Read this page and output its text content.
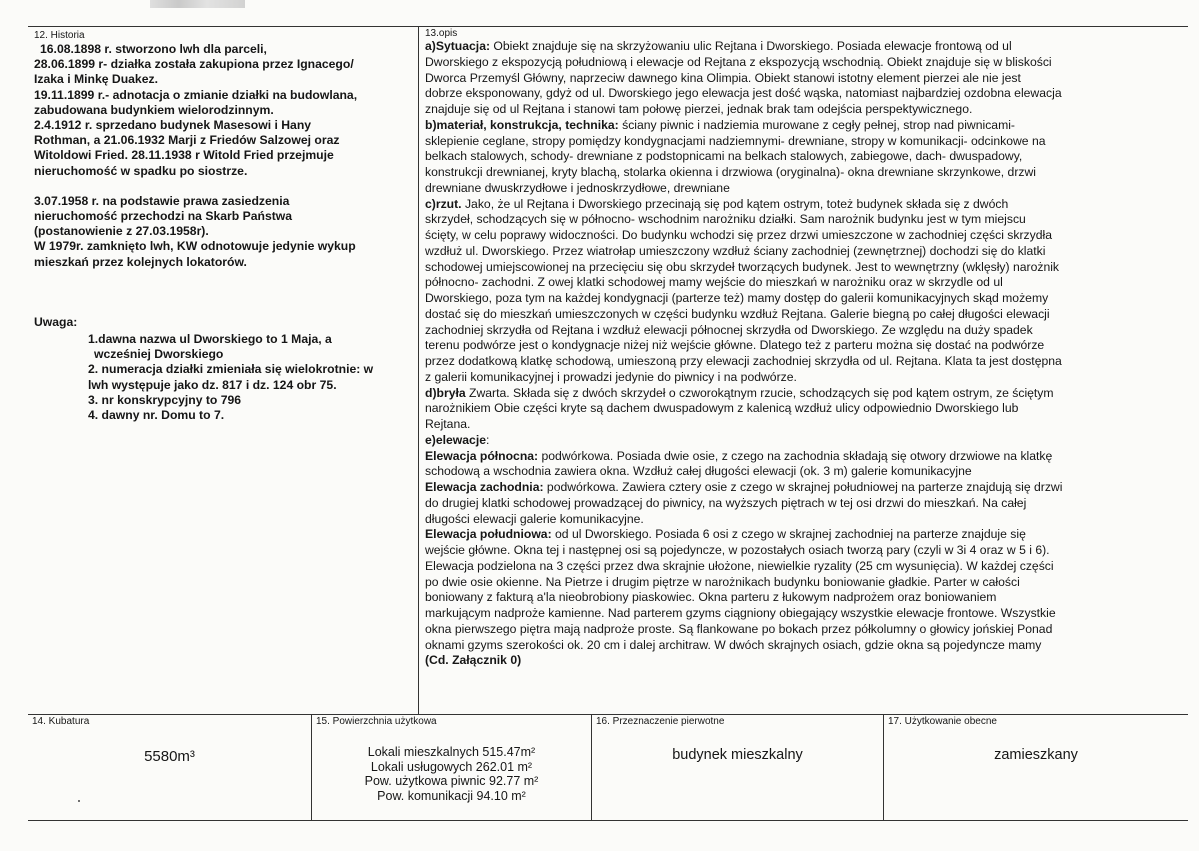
12. Historia

16.08.1898 r. stworzono lwh dla parceli,

28.06.1899 r- działka została zakupiona przez Ignacego/

Izaka i Minkę Duakez.

19.11.1899 r.- adnotacja o zmianie działki na budowlana,

zabudowana budynkiem wielorodzinnym.

2.4.1912 r. sprzedano budynek Masesowi i Hany

Rothman, a 21.06.1932 Marji z Friedów Salzowej oraz

Witoldowi Fried. 28.11.1938 r Witold Fried przejmuje

nieruchomość w spadku po siostrze.

3.07.1958 r. na podstawie prawa zasiedzenia

nieruchomość przechodzi na Skarb Państwa

(postanowienie z 27.03.1958r).

W 1979r. zamknięto lwh, KW odnotowuje jedynie wykup

mieszkań przez kolejnych lokatorów.

Uwaga:

1.dawna nazwa ul Dworskiego to 1 Maja, a

wcześniej Dworskiego

2. numeracja działki zmieniała się wielokrotnie: w

lwh występuje jako dz. 817 i dz. 124 obr 75.

3. nr konskrypcyjny to 796

4. dawny nr. Domu to 7.

13.opis

a)Sytuacja: Obiekt znajduje się na skrzyżowaniu ulic Rejtana i Dworskiego. Posiada elewacje frontową od ul

Dworskiego z ekspozycją południową i elewacje od Rejtana z ekspozycją wschodnią. Obiekt znajduje się w bliskości

Dworca Przemyśl Główny, naprzeciw dawnego kina Olimpia. Obiekt stanowi istotny element pierzei ale nie jest

dobrze eksponowany, gdyż od ul. Dworskiego jego elewacja jest dość wąska, natomiast najbardziej ozdobna elewacja

znajduje się od ul Rejtana i stanowi tam połowę pierzei, jednak brak tam odejścia perspektywicznego.

b)materiał, konstrukcja, technika: ściany piwnic i nadziemia murowane z cegły pełnej, strop nad piwnicami-

sklepienie ceglane, stropy pomiędzy kondygnacjami nadziemnymi- drewniane, stropy w komunikacji- odcinkowe na

belkach stalowych, schody- drewniane z podstopnicami na belkach stalowych, zabiegowe, dach- dwuspadowy,

konstrukcji drewnianej, kryty blachą, stolarka okienna i drzwiowa (oryginalna)- okna drewniane skrzynkowe, drzwi

drewniane dwuskrzydłowe i jednoskrzydłowe, drewniane

c)rzut. Jako, że ul Rejtana i Dworskiego przecinają się pod kątem ostrym, toteż budynek składa się z dwóch

skrzydeł, schodzących się w północno- wschodnim narożniku działki. Sam narożnik budynku jest w tym miejscu

ścięty, w celu poprawy widoczności. Do budynku wchodzi się przez drzwi umieszczone w zachodniej części skrzydła

wzdłuż ul. Dworskiego. Przez wiatrołap umieszczony wzdłuż ściany zachodniej (zewnętrznej) dochodzi się do klatki

schodowej umiejscowionej na przecięciu się obu skrzydeł tworzących budynek. Jest to wewnętrzny (wklęsły) narożnik

północno- zachodni. Z owej klatki schodowej mamy wejście do mieszkań w narożniku oraz w skrzydle od ul

Dworskiego, poza tym na każdej kondygnacji (parterze też) mamy dostęp do galerii komunikacyjnych skąd możemy

dostać się do mieszkań umieszczonych w części budynku wzdłuż Rejtana. Galerie biegną po całej długości elewacji

zachodniej skrzydła od Rejtana i wzdłuż elewacji północnej skrzydła od Dworskiego. Ze względu na duży spadek

terenu podwórze jest o kondygnacje niżej niż wejście główne. Dlatego też z parteru można się dostać na podwórze

przez dodatkową klatkę schodową, umieszoną przy elewacji zachodniej skrzydła od ul. Rejtana. Klata ta jest dostępna

z galerii komunikacyjnej i prowadzi jedynie do piwnicy i na podwórze.

d)bryła Zwarta. Składa się z dwóch skrzydeł o czworokątnym rzucie, schodzących się pod kątem ostrym, ze ściętym

narożnikiem Obie części kryte są dachem dwuspadowym z kalenicą wzdłuż ulicy odpowiednio Dworskiego lub

Rejtana.

e)elewacje:

Elewacja północna: podwórkowa. Posiada dwie osie, z czego na zachodnia składają się otwory drzwiowe na klatkę

schodową a wschodnia zawiera okna. Wzdłuż całej długości elewacji (ok. 3 m) galerie komunikacyjne

Elewacja zachodnia: podwórkowa. Zawiera cztery osie z czego w skrajnej południowej na parterze znajdują się drzwi

do drugiej klatki schodowej prowadzącej do piwnicy, na wyższych piętrach w tej osi drzwi do mieszkań. Na całej

długości elewacji galerie komunikacyjne.

Elewacja południowa: od ul Dworskiego. Posiada 6 osi z czego w skrajnej zachodniej na parterze znajduje się

wejście główne. Okna tej i następnej osi są pojedyncze, w pozostałych osiach tworzą pary (czyli w 3i 4 oraz w 5 i 6).

Elewacja podzielona na 3 części przez dwa skrajnie ułożone, niewielkie ryzality (25 cm wysunięcia). W każdej części

po dwie osie okienne. Na Pietrze i drugim piętrze w narożnikach budynku boniowanie gładkie. Parter w całości

boniowany z fakturą a'la nieobrobiony piaskowiec. Okna parteru z łukowym nadprożem oraz boniowaniem

markującym nadproże kamienne. Nad parterem gzyms ciągniony obiegający wszystkie elewacje frontowe. Wszystkie

okna pierwszego piętra mają nadproże proste. Są flankowane po bokach przez półkolumny o głowicy jońskiej Ponad

oknami gzyms szerokości ok. 20 cm i dalej architraw. W dwóch skrajnych osiach, gdzie okna są pojedyncze mamy

(Cd. Załącznik 0)

14. Kubatura
5580m³
15. Powierzchnia użytkowa

Lokali mieszkalnych 515.47m²

Lokali usługowych 262.01 m²

Pow. użytkowa piwnic 92.77 m²

Pow. komunikacji 94.10 m²

16. Przeznaczenie pierwotne
budynek mieszkalny
17. Użytkowanie obecne
zamieszkany
